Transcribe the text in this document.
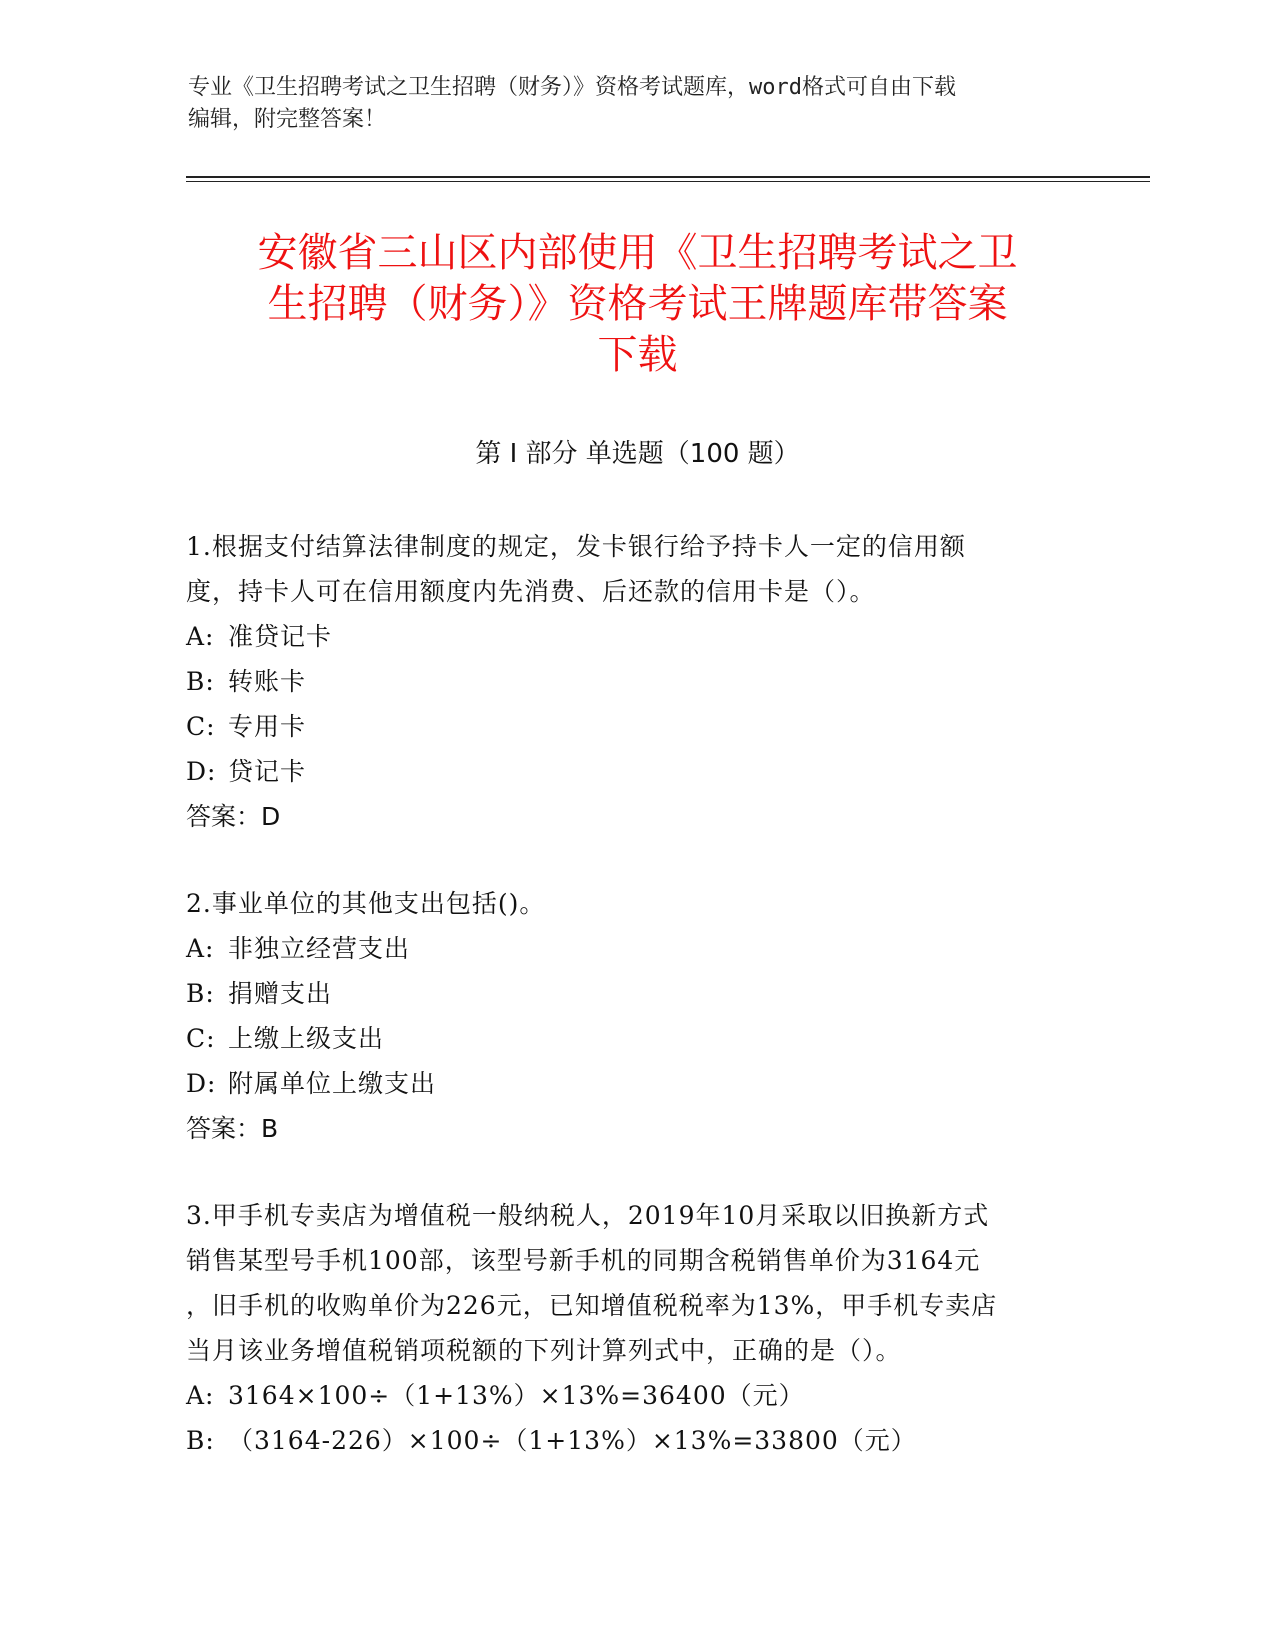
专业《卫生招聘考试之卫生招聘（财务）》资格考试题库，word格式可自由下载
编辑，附完整答案！
安徽省三山区内部使用《卫生招聘考试之卫
生招聘（财务）》资格考试王牌题库带答案
下载
第 I 部分 单选题（100 题）

1.根据支付结算法律制度的规定，发卡银行给予持卡人一定的信用额

度，持卡人可在信用额度内先消费、后还款的信用卡是（）。

A: 准贷记卡

B: 转账卡

C: 专用卡

D: 贷记卡

答案：D

2.事业单位的其他支出包括()。

A: 非独立经营支出

B: 捐赠支出

C: 上缴上级支出

D: 附属单位上缴支出

答案：B

3.甲手机专卖店为增值税一般纳税人，2019年10月采取以旧换新方式

销售某型号手机100部，该型号新手机的同期含税销售单价为3164元

，旧手机的收购单价为226元，已知增值税税率为13%，甲手机专卖店

当月该业务增值税销项税额的下列计算列式中，正确的是（）。

A: 3164×100÷（1+13%）×13%=36400（元）

B: （3164-226）×100÷（1+13%）×13%=33800（元）
